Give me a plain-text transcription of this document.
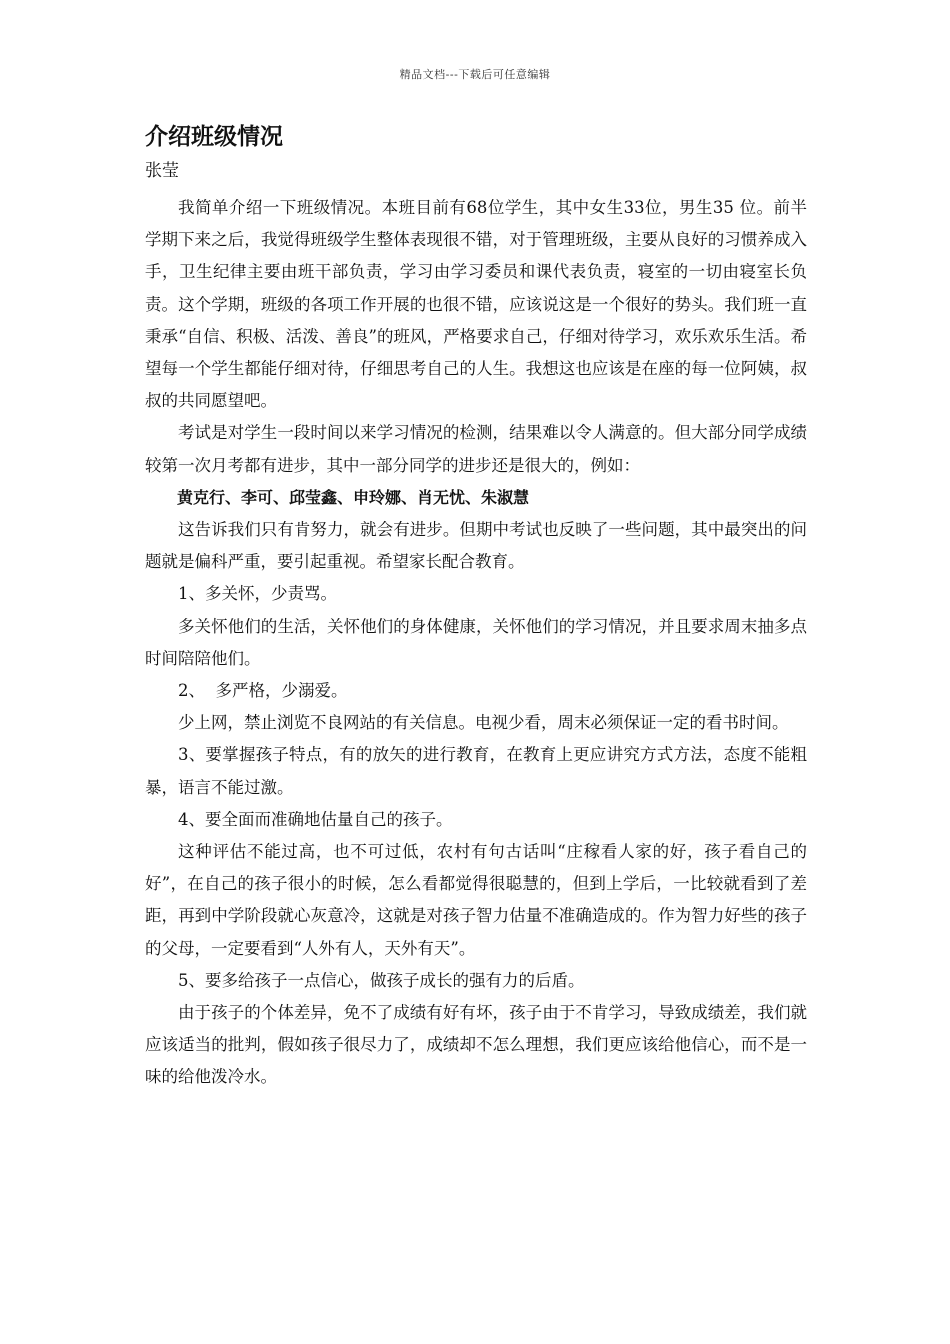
精品文档---下载后可任意编辑
介绍班级情况
张莹

我简单介绍一下班级情况。本班目前有68位学生，其中女生33位，男生35 位。前半学期下来之后，我觉得班级学生整体表现很不错，对于管理班级，主要从良好的习惯养成入手，卫生纪律主要由班干部负责，学习由学习委员和课代表负责，寝室的一切由寝室长负责。这个学期，班级的各项工作开展的也很不错，应该说这是一个很好的势头。我们班一直秉承“自信、积极、活泼、善良”的班风，严格要求自己，仔细对待学习，欢乐欢乐生活。希望每一个学生都能仔细对待，仔细思考自己的人生。我想这也应该是在座的每一位阿姨，叔叔的共同愿望吧。

考试是对学生一段时间以来学习情况的检测，结果难以令人满意的。但大部分同学成绩较第一次月考都有进步，其中一部分同学的进步还是很大的，例如：

黄克行、李可、邱莹鑫、申玲娜、肖无忧、朱淑慧

这告诉我们只有肯努力，就会有进步。但期中考试也反映了一些问题，其中最突出的问题就是偏科严重，要引起重视。希望家长配合教育。

1、多关怀，少责骂。

多关怀他们的生活，关怀他们的身体健康，关怀他们的学习情况，并且要求周末抽多点时间陪陪他们。

2、  多严格，少溺爱。

少上网，禁止浏览不良网站的有关信息。电视少看，周末必须保证一定的看书时间。

3、要掌握孩子特点，有的放矢的进行教育，在教育上更应讲究方式方法，态度不能粗暴，语言不能过激。

4、要全面而准确地估量自己的孩子。

这种评估不能过高，也不可过低，农村有句古话叫“庄稼看人家的好，孩子看自己的好”，在自己的孩子很小的时候，怎么看都觉得很聪慧的，但到上学后，一比较就看到了差距，再到中学阶段就心灰意冷，这就是对孩子智力估量不准确造成的。作为智力好些的孩子的父母，一定要看到“人外有人，天外有天”。

5、要多给孩子一点信心，做孩子成长的强有力的后盾。

由于孩子的个体差异，免不了成绩有好有坏，孩子由于不肯学习，导致成绩差，我们就应该适当的批判，假如孩子很尽力了，成绩却不怎么理想，我们更应该给他信心，而不是一味的给他泼冷水。
